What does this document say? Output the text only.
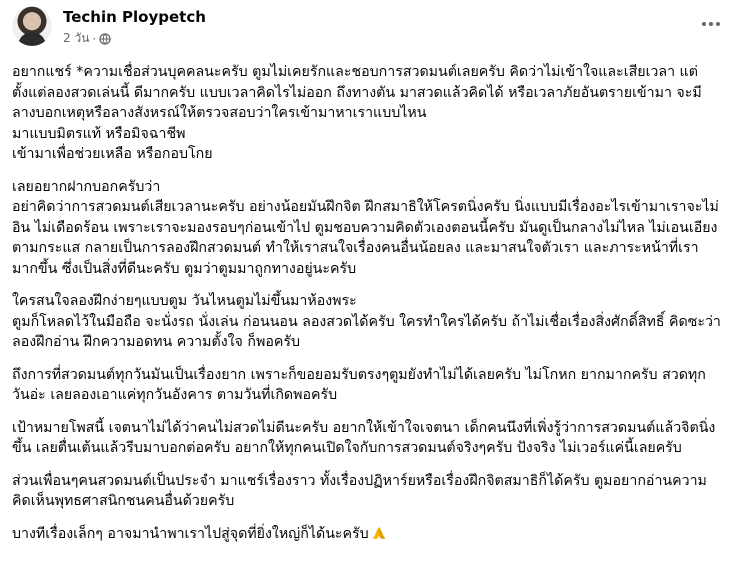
Techin Ploypetch
2 วัน ·

อยากแชร์ *ความเชื่อส่วนบุคคลนะครับ ตูมไม่เคยรักและชอบการสวดมนต์เลยครับ คิดว่าไม่เข้าใจและเสียเวลา แต่ตั้งแต่ลองสวดเล่นนี้ ดีมากครับ แบบเวลาคิดไรไม่ออก ถึงทางตัน มาสวดแล้วคิดได้ หรือเวลาภัยอันตรายเข้ามา จะมีลางบอกเหตุหรือลางสังหรณ์ให้ตรวจสอบว่าใครเข้ามาหาเราแบบไหน
มาแบบมิตรแท้ หรือมิจฉาชีพ
เข้ามาเพื่อช่วยเหลือ หรือกอบโกย

เลยอยากฝากบอกครับว่า
อย่าคิดว่าการสวดมนต์เสียเวลานะครับ อย่างน้อยมันฝึกจิต ฝึกสมาธิให้โครตนิ่งครับ นิ่งแบบมีเรื่องอะไรเข้ามาเราจะไม่อิน ไม่เดือดร้อน เพราะเราจะมองรอบๆก่อนเข้าไป ตูมชอบความคิดตัวเองตอนนี้ครับ มันดูเป็นกลางไม่ไหล ไม่เอนเอียง ตามกระแส กลายเป็นการลองฝึกสวดมนต์ ทำให้เราสนใจเรื่องคนอื่นน้อยลง และมาสนใจตัวเรา และภาระหน้าที่เรามากขึ้น ซึ่งเป็นสิ่งที่ดีนะครับ ตูมว่าตูมมาถูกทางอยู่นะครับ

ใครสนใจลองฝึกง่ายๆแบบตูม วันไหนตูมไม่ขึ้นมาห้องพระ
ตูมก็โหลดไว้ในมือถือ จะนั่งรถ นั่งเล่น ก่อนนอน ลองสวดได้ครับ ใครทำใครได้ครับ ถ้าไม่เชื่อเรื่องสิ่งศักดิ์สิทธิ์ คิดซะว่าลองฝึกอ่าน ฝึกความอดทน ความตั้งใจ ก็พอครับ

ถึงการที่สวดมนต์ทุกวันมันเป็นเรื่องยาก เพราะก็ขอยอมรับตรงๆตูมยังทำไม่ได้เลยครับ ไม่โกหก ยากมากครับ สวดทุกวันอ่ะ เลยลองเอาแค่ทุกวันอังคาร ตามวันที่เกิดพอครับ

เป้าหมายโพสนี้ เจตนาไม่ได้ว่าคนไม่สวดไม่ดีนะครับ อยากให้เข้าใจเจตนา เด็กคนนึงที่เพิ่งรู้ว่าการสวดมนต์แล้วจิตนิ่งขึ้น เลยตื่นเต้นแล้วรีบมาบอกต่อครับ อยากให้ทุกคนเปิดใจกับการสวดมนต์จริงๆครับ ปังจริง ไม่เวอร์แค่นี้เลยครับ

ส่วนเพื่อนๆคนสวดมนต์เป็นประจำ มาแชร์เรื่องราว ทั้งเรื่องปฏิหาร์ยหรือเรื่องฝึกจิตสมาธิก็ได้ครับ ตูมอยากอ่านความคิดเห็นพุทธศาสนิกชนคนอื่นด้วยครับ

บางทีเรื่องเล็กๆ อาจมานำพาเราไปสู่จุดที่ยิ่งใหญ่ก็ได้นะครับ
